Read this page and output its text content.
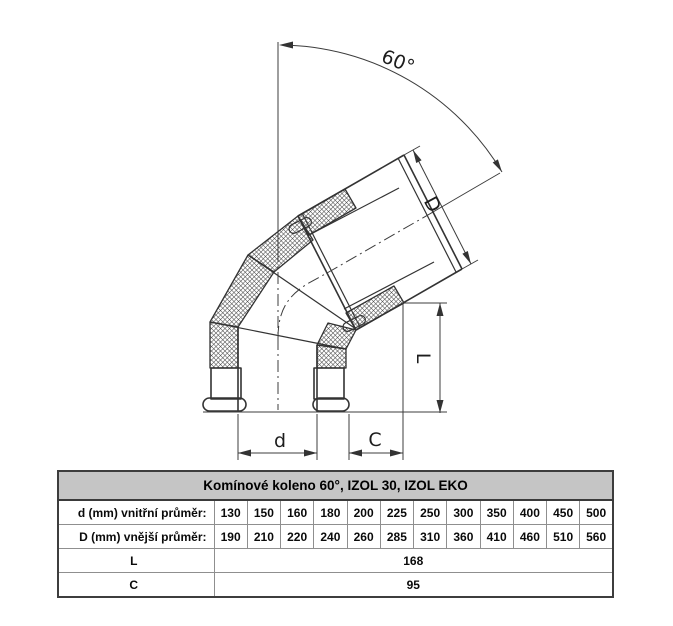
60°
D
L
d	C
Komínové koleno 60°, IZOL 30, IZOL EKO												
d (mm) vnitřní průměr:	130	150	160	180	200	225	250	300	350	400	450	500
D (mm) vnější průměr:	190	210	220	240	260	285	310	360	410	460	510	560
L	168											
C	95											
